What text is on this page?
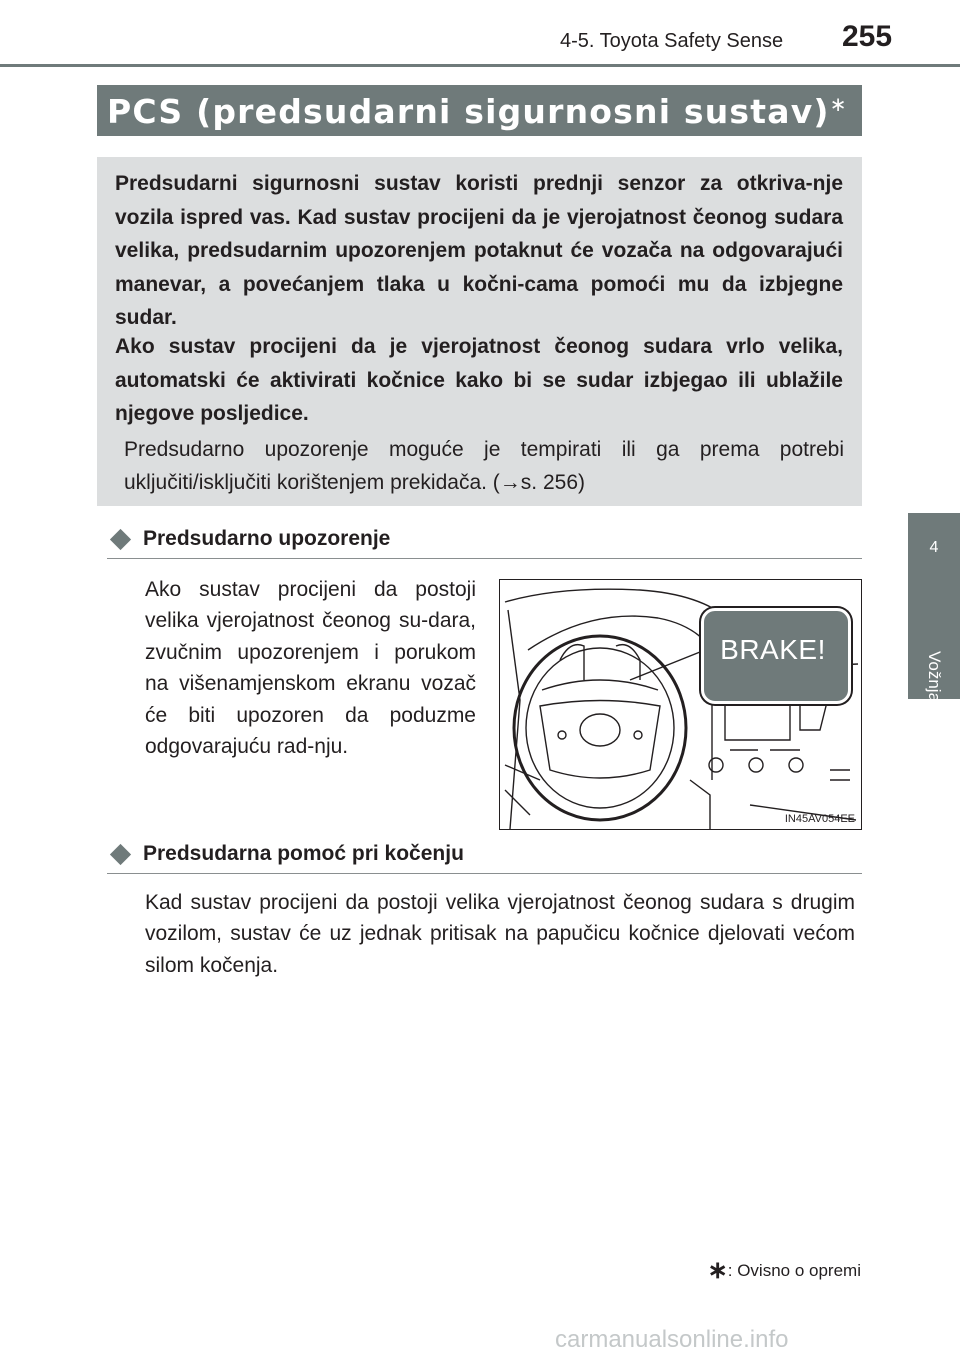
4-5. Toyota Safety Sense 255
4
Vožnja
PCS (predsudarni sigurnosni sustav)∗

Predsudarni sigurnosni sustav koristi prednji senzor za otkriva-nje vozila ispred vas. Kad sustav procijeni da je vjerojatnost čeonog sudara velika, predsudarnim upozorenjem potaknut će vozača na odgovarajući manevar, a povećanjem tlaka u kočni-cama pomoći mu da izbjegne sudar.

Ako sustav procijeni da je vjerojatnost čeonog sudara vrlo velika, automatski će aktivirati kočnice kako bi se sudar izbjegao ili ublažile njegove posljedice.

Predsudarno upozorenje moguće je tempirati ili ga prema potrebi uključiti/isključiti korištenjem prekidača. (→s. 256)

Predsudarno upozorenje

Ako sustav procijeni da postoji velika vjerojatnost čeonog su-dara, zvučnim upozorenjem i porukom na višenamjenskom ekranu vozač će biti upozoren da poduzme odgovarajuću rad-nju.

BRAKE!
IN45AV054EE
Predsudarna pomoć pri kočenju

Kad sustav procijeni da postoji velika vjerojatnost čeonog sudara s drugim vozilom, sustav će uz jednak pritisak na papučicu kočnice djelovati većom silom kočenja.

∗: Ovisno o opremi
carmanualsonline.info
